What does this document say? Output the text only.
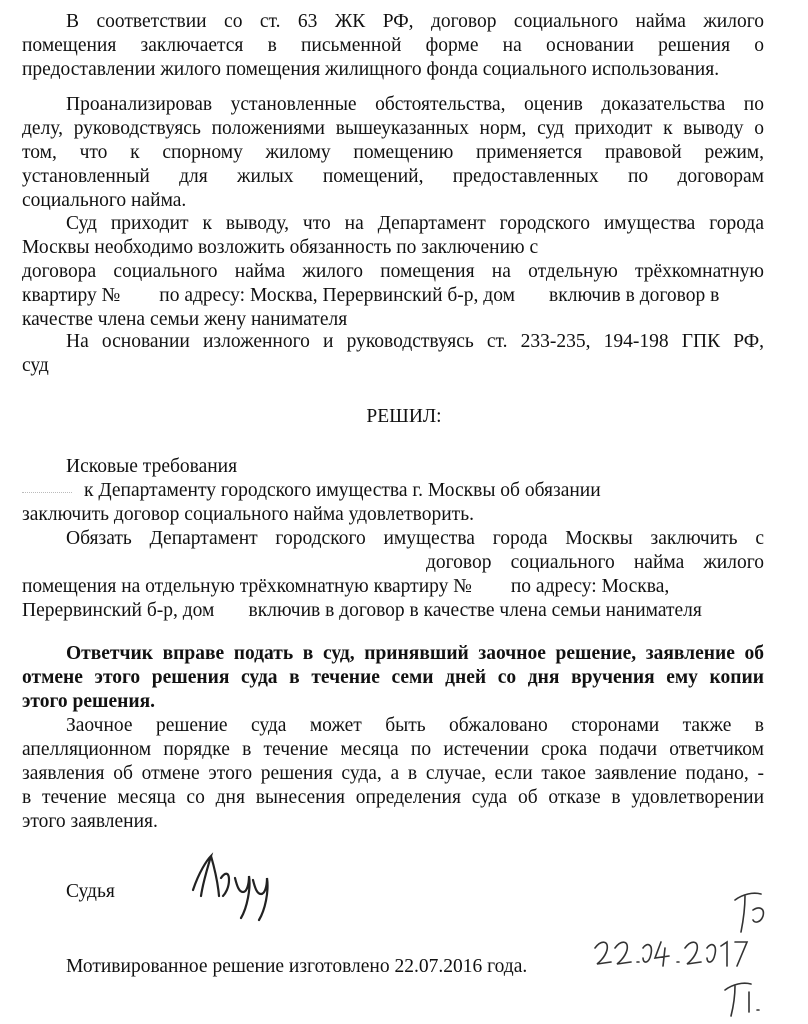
В соответствии со ст. 63 ЖК РФ, договор социального найма жилого
помещения заключается в письменной форме на основании решения о
предоставлении жилого помещения жилищного фонда социального использования.
Проанализировав установленные обстоятельства, оценив доказательства по
делу, руководствуясь положениями вышеуказанных норм, суд приходит к выводу о
том, что к спорному жилому помещению применяется правовой режим,
установленный для жилых помещений, предоставленных по договорам
социального найма.
Суд приходит к выводу, что на Департамент городского имущества города
Москвы необходимо возложить обязанность по заключению с
договора социального найма жилого помещения на отдельную трёхкомнатную
квартиру №        по адресу: Москва, Перервинский б-р, дом       включив в договор в
качестве члена семьи жену нанимателя
На основании изложенного и руководствуясь ст. 233-235, 194-198 ГПК РФ,
суд
РЕШИЛ:
Исковые требования
к Департаменту городского имущества г. Москвы об обязании
заключить договор социального найма удовлетворить.
Обязать Департамент городского имущества города Москвы заключить с
договор социального найма жилого
помещения на отдельную трёхкомнатную квартиру №        по адресу: Москва,
Перервинский б-р, дом       включив в договор в качестве члена семьи нанимателя
Ответчик вправе подать в суд, принявший заочное решение, заявление об
отмене этого решения суда в течение семи дней со дня вручения ему копии
этого решения.
Заочное решение суда может быть обжаловано сторонами также в
апелляционном порядке в течение месяца по истечении срока подачи ответчиком
заявления об отмене этого решения суда, а в случае, если такое заявление подано, -
в течение месяца со дня вынесения определения суда об отказе в удовлетворении
этого заявления.
Судья
Мотивированное решение изготовлено 22.07.2016 года.
